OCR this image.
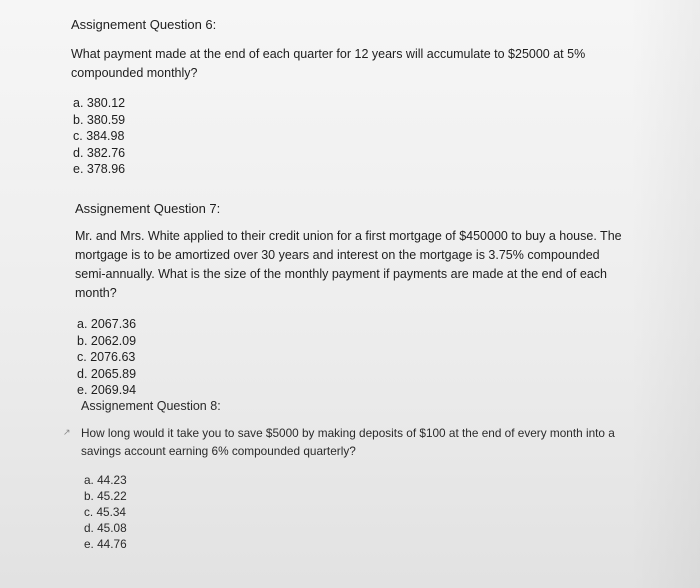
Assignement Question 6:

What payment made at the end of each quarter for 12 years will accumulate to $25000 at 5% compounded monthly?

a. 380.12
b. 380.59
c. 384.98
d. 382.76
e. 378.96

Assignement Question 7:

Mr. and Mrs. White applied to their credit union for a first mortgage of $450000 to buy a house. The mortgage is to be amortized over 30 years and interest on the mortgage is 3.75% compounded semi-annually. What is the size of the monthly payment if payments are made at the end of each month?

a. 2067.36
b. 2062.09
c. 2076.63
d. 2065.89
e. 2069.94
↗

Assignement Question 8:

How long would it take you to save $5000 by making deposits of $100 at the end of every month into a savings account earning 6% compounded quarterly?

a. 44.23
b. 45.22
c. 45.34
d. 45.08
e. 44.76
